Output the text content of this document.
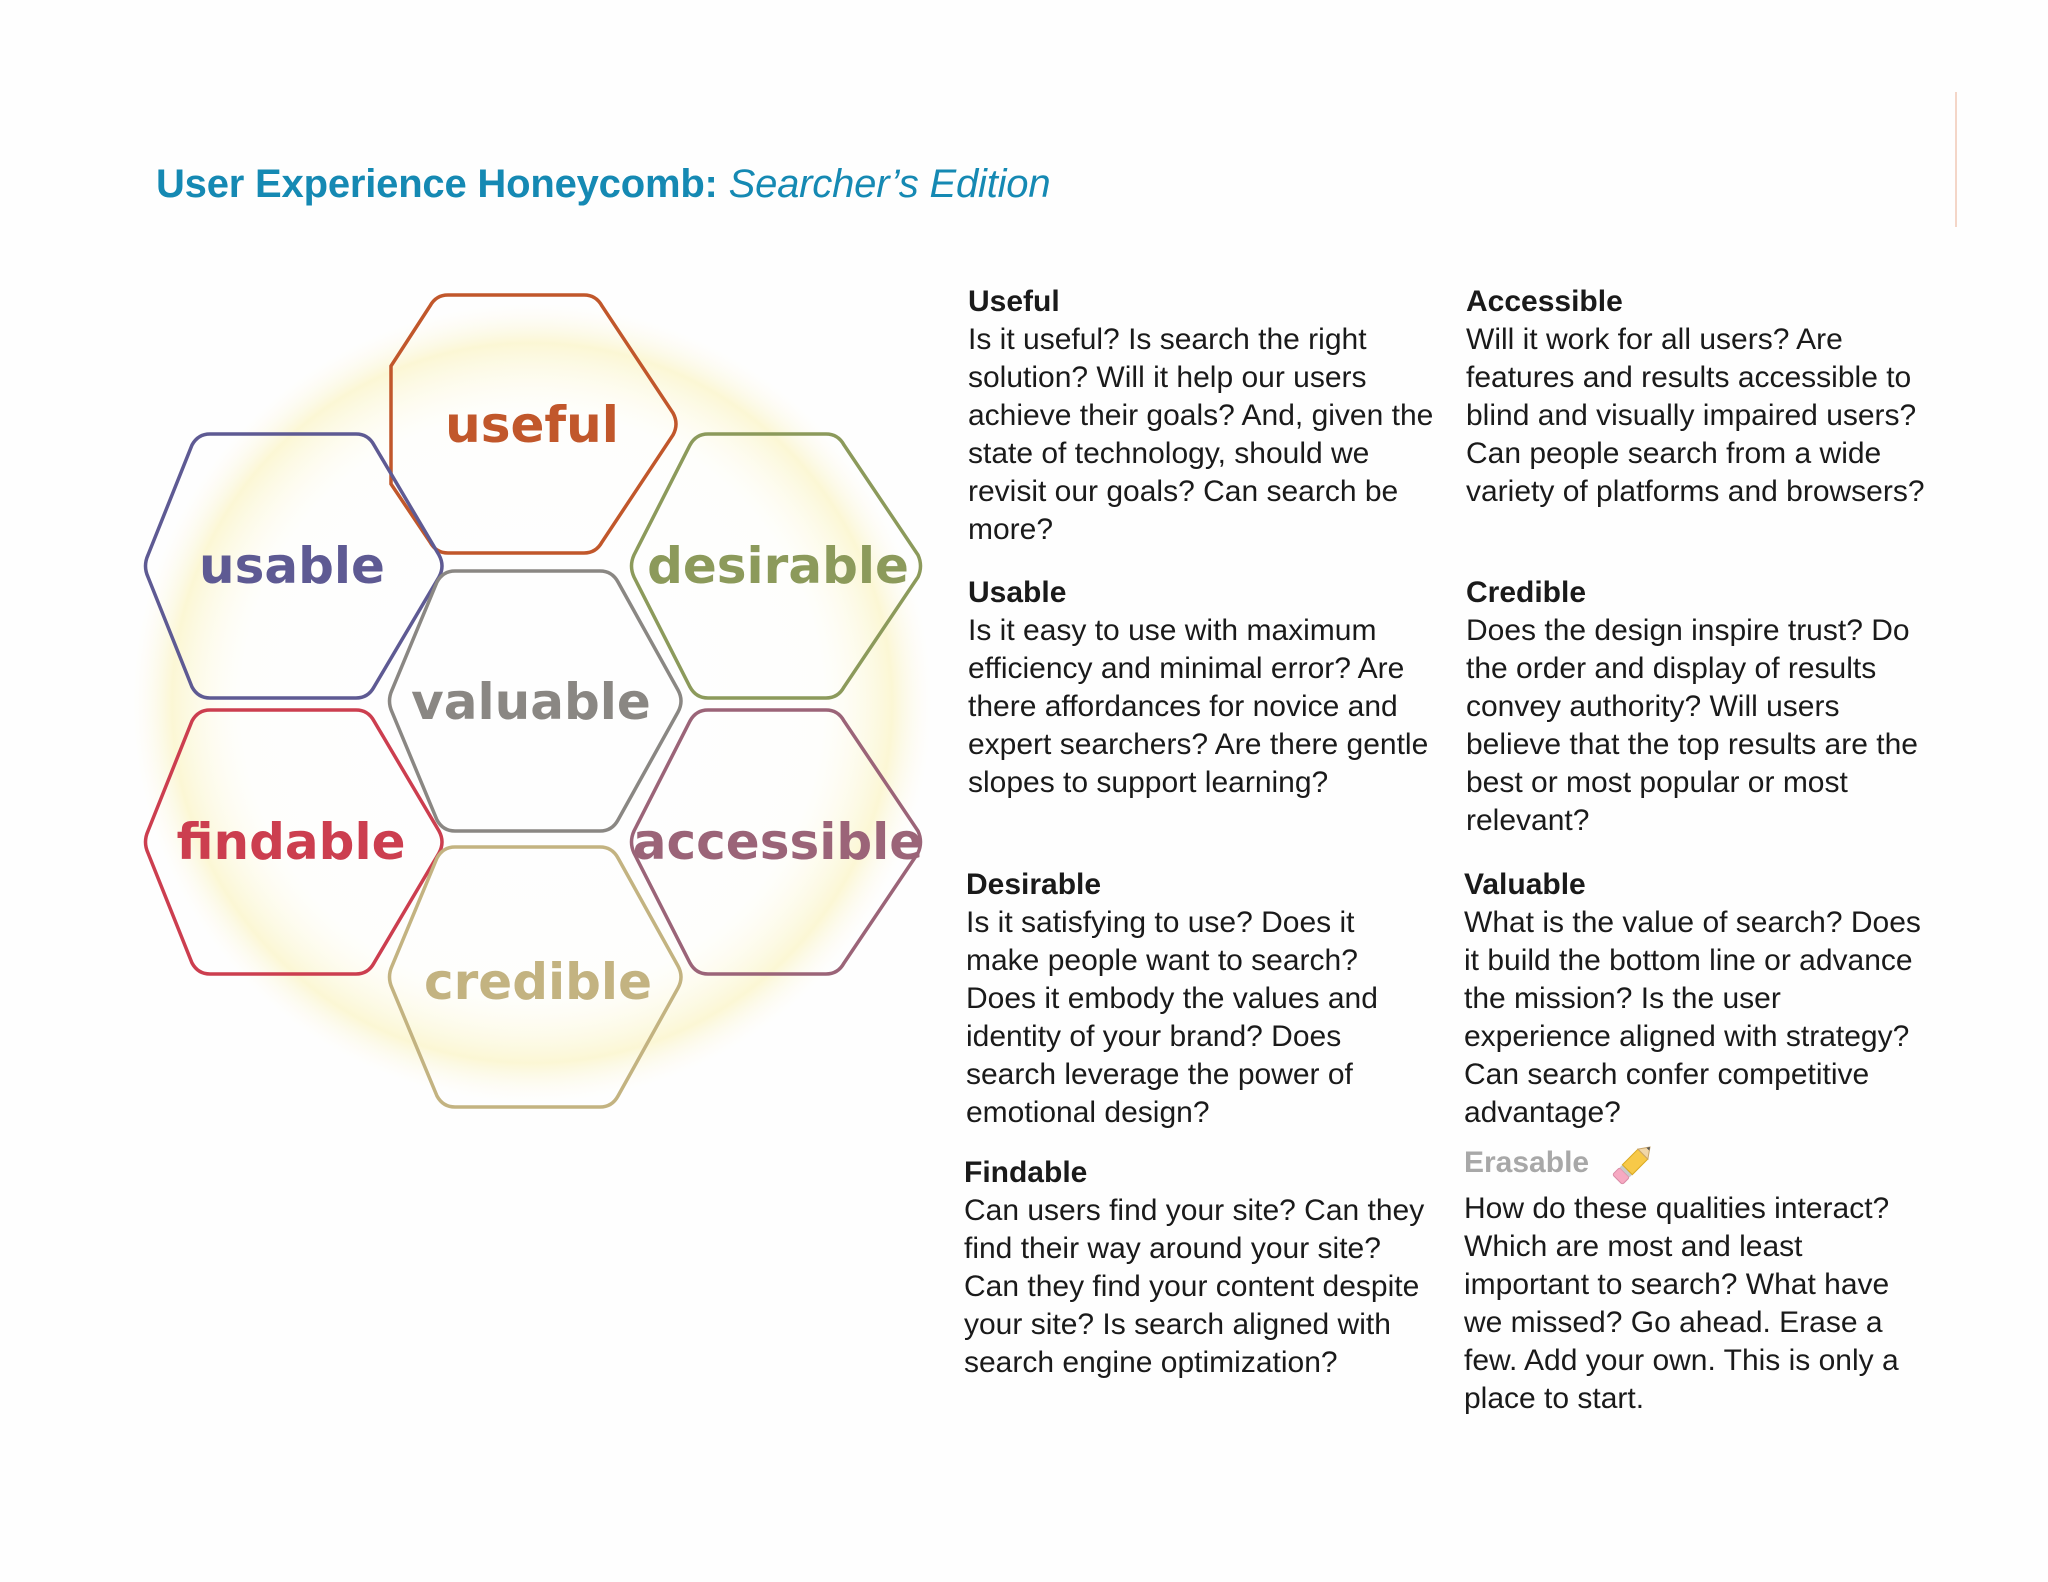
User Experience Honeycomb: Searcher’s Edition
useful
usable	desirable
valuable
findable	accessible
credible
Useful
Is it useful? Is search the right solution? Will it help our users achieve their goals? And, given the state of technology, should we revisit our goals? Can search be more?
Usable
Is it easy to use with maximum efficiency and minimal error? Are there affordances for novice and expert searchers? Are there gentle slopes to support learning?
Desirable
Is it satisfying to use? Does it make people want to search? Does it embody the values and identity of your brand? Does search leverage the power of emotional design?
Findable
Can users find your site? Can they find their way around your site? Can they find your content despite your site? Is search aligned with search engine optimization?
Accessible
Will it work for all users? Are features and results accessible to blind and visually impaired users? Can people search from a wide variety of platforms and browsers?
Credible
Does the design inspire trust? Do the order and display of results convey authority? Will users believe that the top results are the best or most popular or most relevant?
Valuable
What is the value of search? Does it build the bottom line or advance the mission? Is the user experience aligned with strategy? Can search confer competitive advantage?
Erasable
How do these qualities interact? Which are most and least important to search? What have we missed? Go ahead. Erase a few. Add your own. This is only a place to start.
